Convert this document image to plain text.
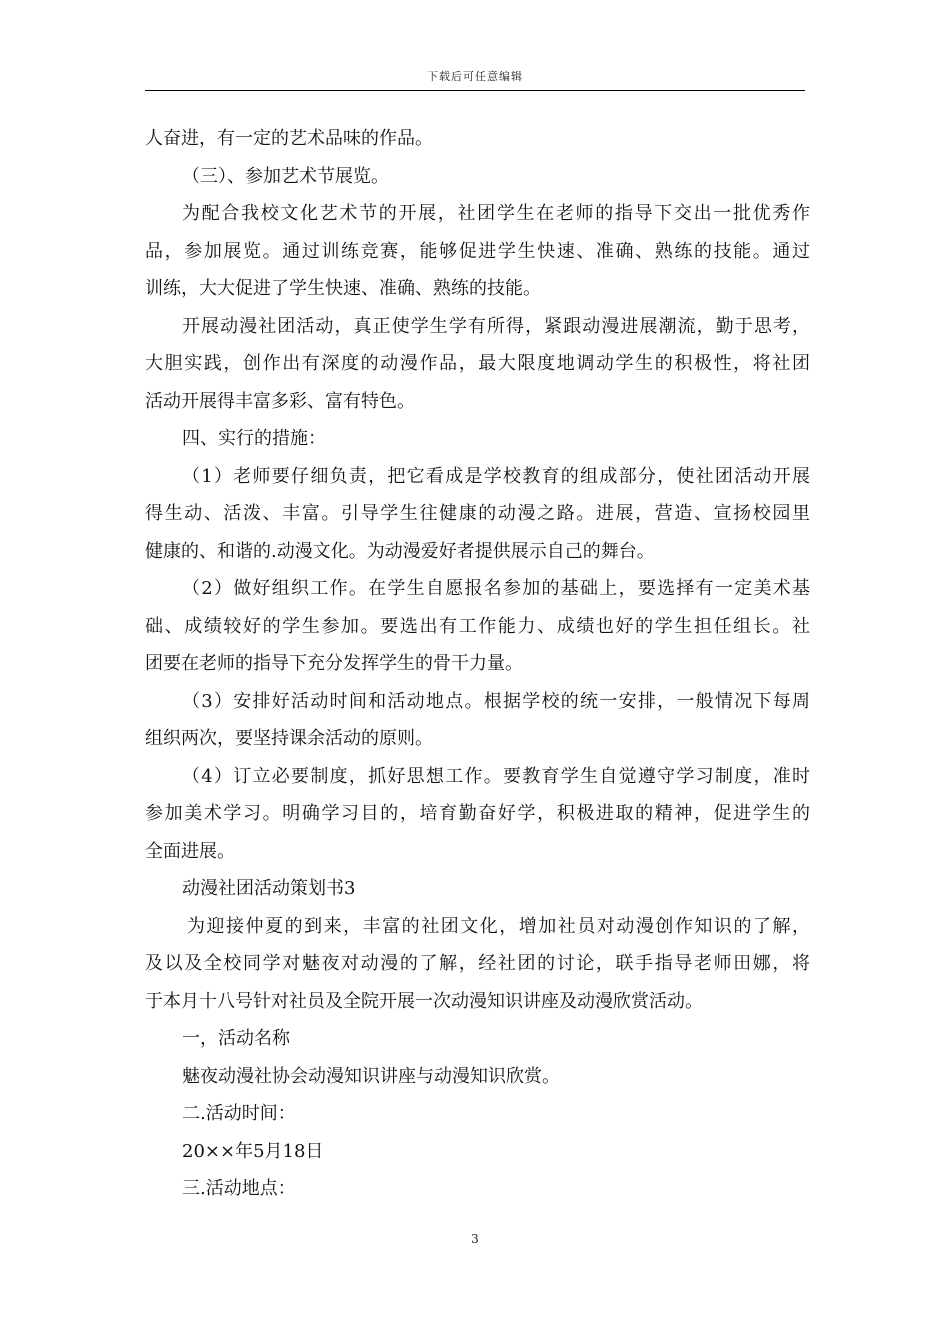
下载后可任意编辑

人奋进，有一定的艺术品味的作品。

（三）、参加艺术节展览。

为配合我校文化艺术节的开展，社团学生在老师的指导下交出一批优秀作

品，参加展览。通过训练竞赛，能够促进学生快速、准确、熟练的技能。通过

训练，大大促进了学生快速、准确、熟练的技能。

开展动漫社团活动，真正使学生学有所得，紧跟动漫进展潮流，勤于思考，

大胆实践，创作出有深度的动漫作品，最大限度地调动学生的积极性，将社团

活动开展得丰富多彩、富有特色。

四、实行的措施：

（1）老师要仔细负责，把它看成是学校教育的组成部分，使社团活动开展

得生动、活泼、丰富。引导学生往健康的动漫之路。进展，营造、宣扬校园里

健康的、和谐的.动漫文化。为动漫爱好者提供展示自己的舞台。

（2）做好组织工作。在学生自愿报名参加的基础上，要选择有一定美术基

础、成绩较好的学生参加。要选出有工作能力、成绩也好的学生担任组长。社

团要在老师的指导下充分发挥学生的骨干力量。

（3）安排好活动时间和活动地点。根据学校的统一安排，一般情况下每周

组织两次，要坚持课余活动的原则。

（4）订立必要制度，抓好思想工作。要教育学生自觉遵守学习制度，准时

参加美术学习。明确学习目的，培育勤奋好学，积极进取的精神，促进学生的

全面进展。

动漫社团活动策划书3

为迎接仲夏的到来，丰富的社团文化，增加社员对动漫创作知识的了解，

及以及全校同学对魅夜对动漫的了解，经社团的讨论，联手指导老师田娜，将

于本月十八号针对社员及全院开展一次动漫知识讲座及动漫欣赏活动。

一，活动名称

魅夜动漫社协会动漫知识讲座与动漫知识欣赏。

二.活动时间：

20××年5月18日

三.活动地点：

3
